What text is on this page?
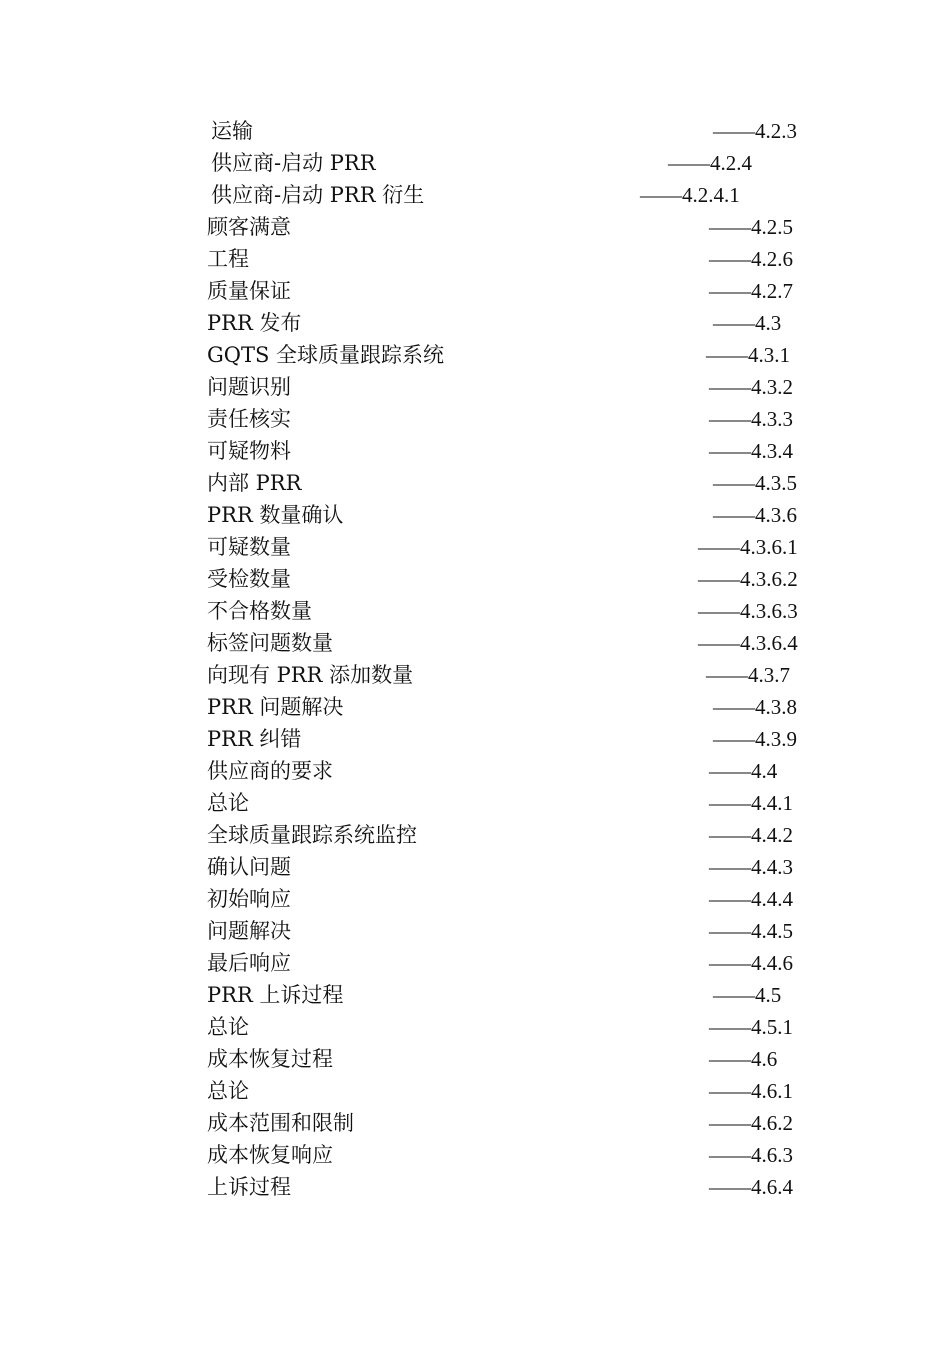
运输	——4.2.3
供应商-启动 PRR	——4.2.4
供应商-启动 PRR 衍生	——4.2.4.1
顾客满意	——4.2.5
工程	——4.2.6
质量保证	——4.2.7
PRR 发布	——4.3
GQTS 全球质量跟踪系统	——4.3.1
问题识别	——4.3.2
责任核实	——4.3.3
可疑物料	——4.3.4
内部 PRR	——4.3.5
PRR 数量确认	——4.3.6
可疑数量	——4.3.6.1
受检数量	——4.3.6.2
不合格数量	——4.3.6.3
标签问题数量	——4.3.6.4
向现有 PRR 添加数量	——4.3.7
PRR 问题解决	——4.3.8
PRR 纠错	——4.3.9
供应商的要求	——4.4
总论	——4.4.1
全球质量跟踪系统监控	——4.4.2
确认问题	——4.4.3
初始响应	——4.4.4
问题解决	——4.4.5
最后响应	——4.4.6
PRR 上诉过程	——4.5
总论	——4.5.1
成本恢复过程	——4.6
总论	——4.6.1
成本范围和限制	——4.6.2
成本恢复响应	——4.6.3
上诉过程	——4.6.4
